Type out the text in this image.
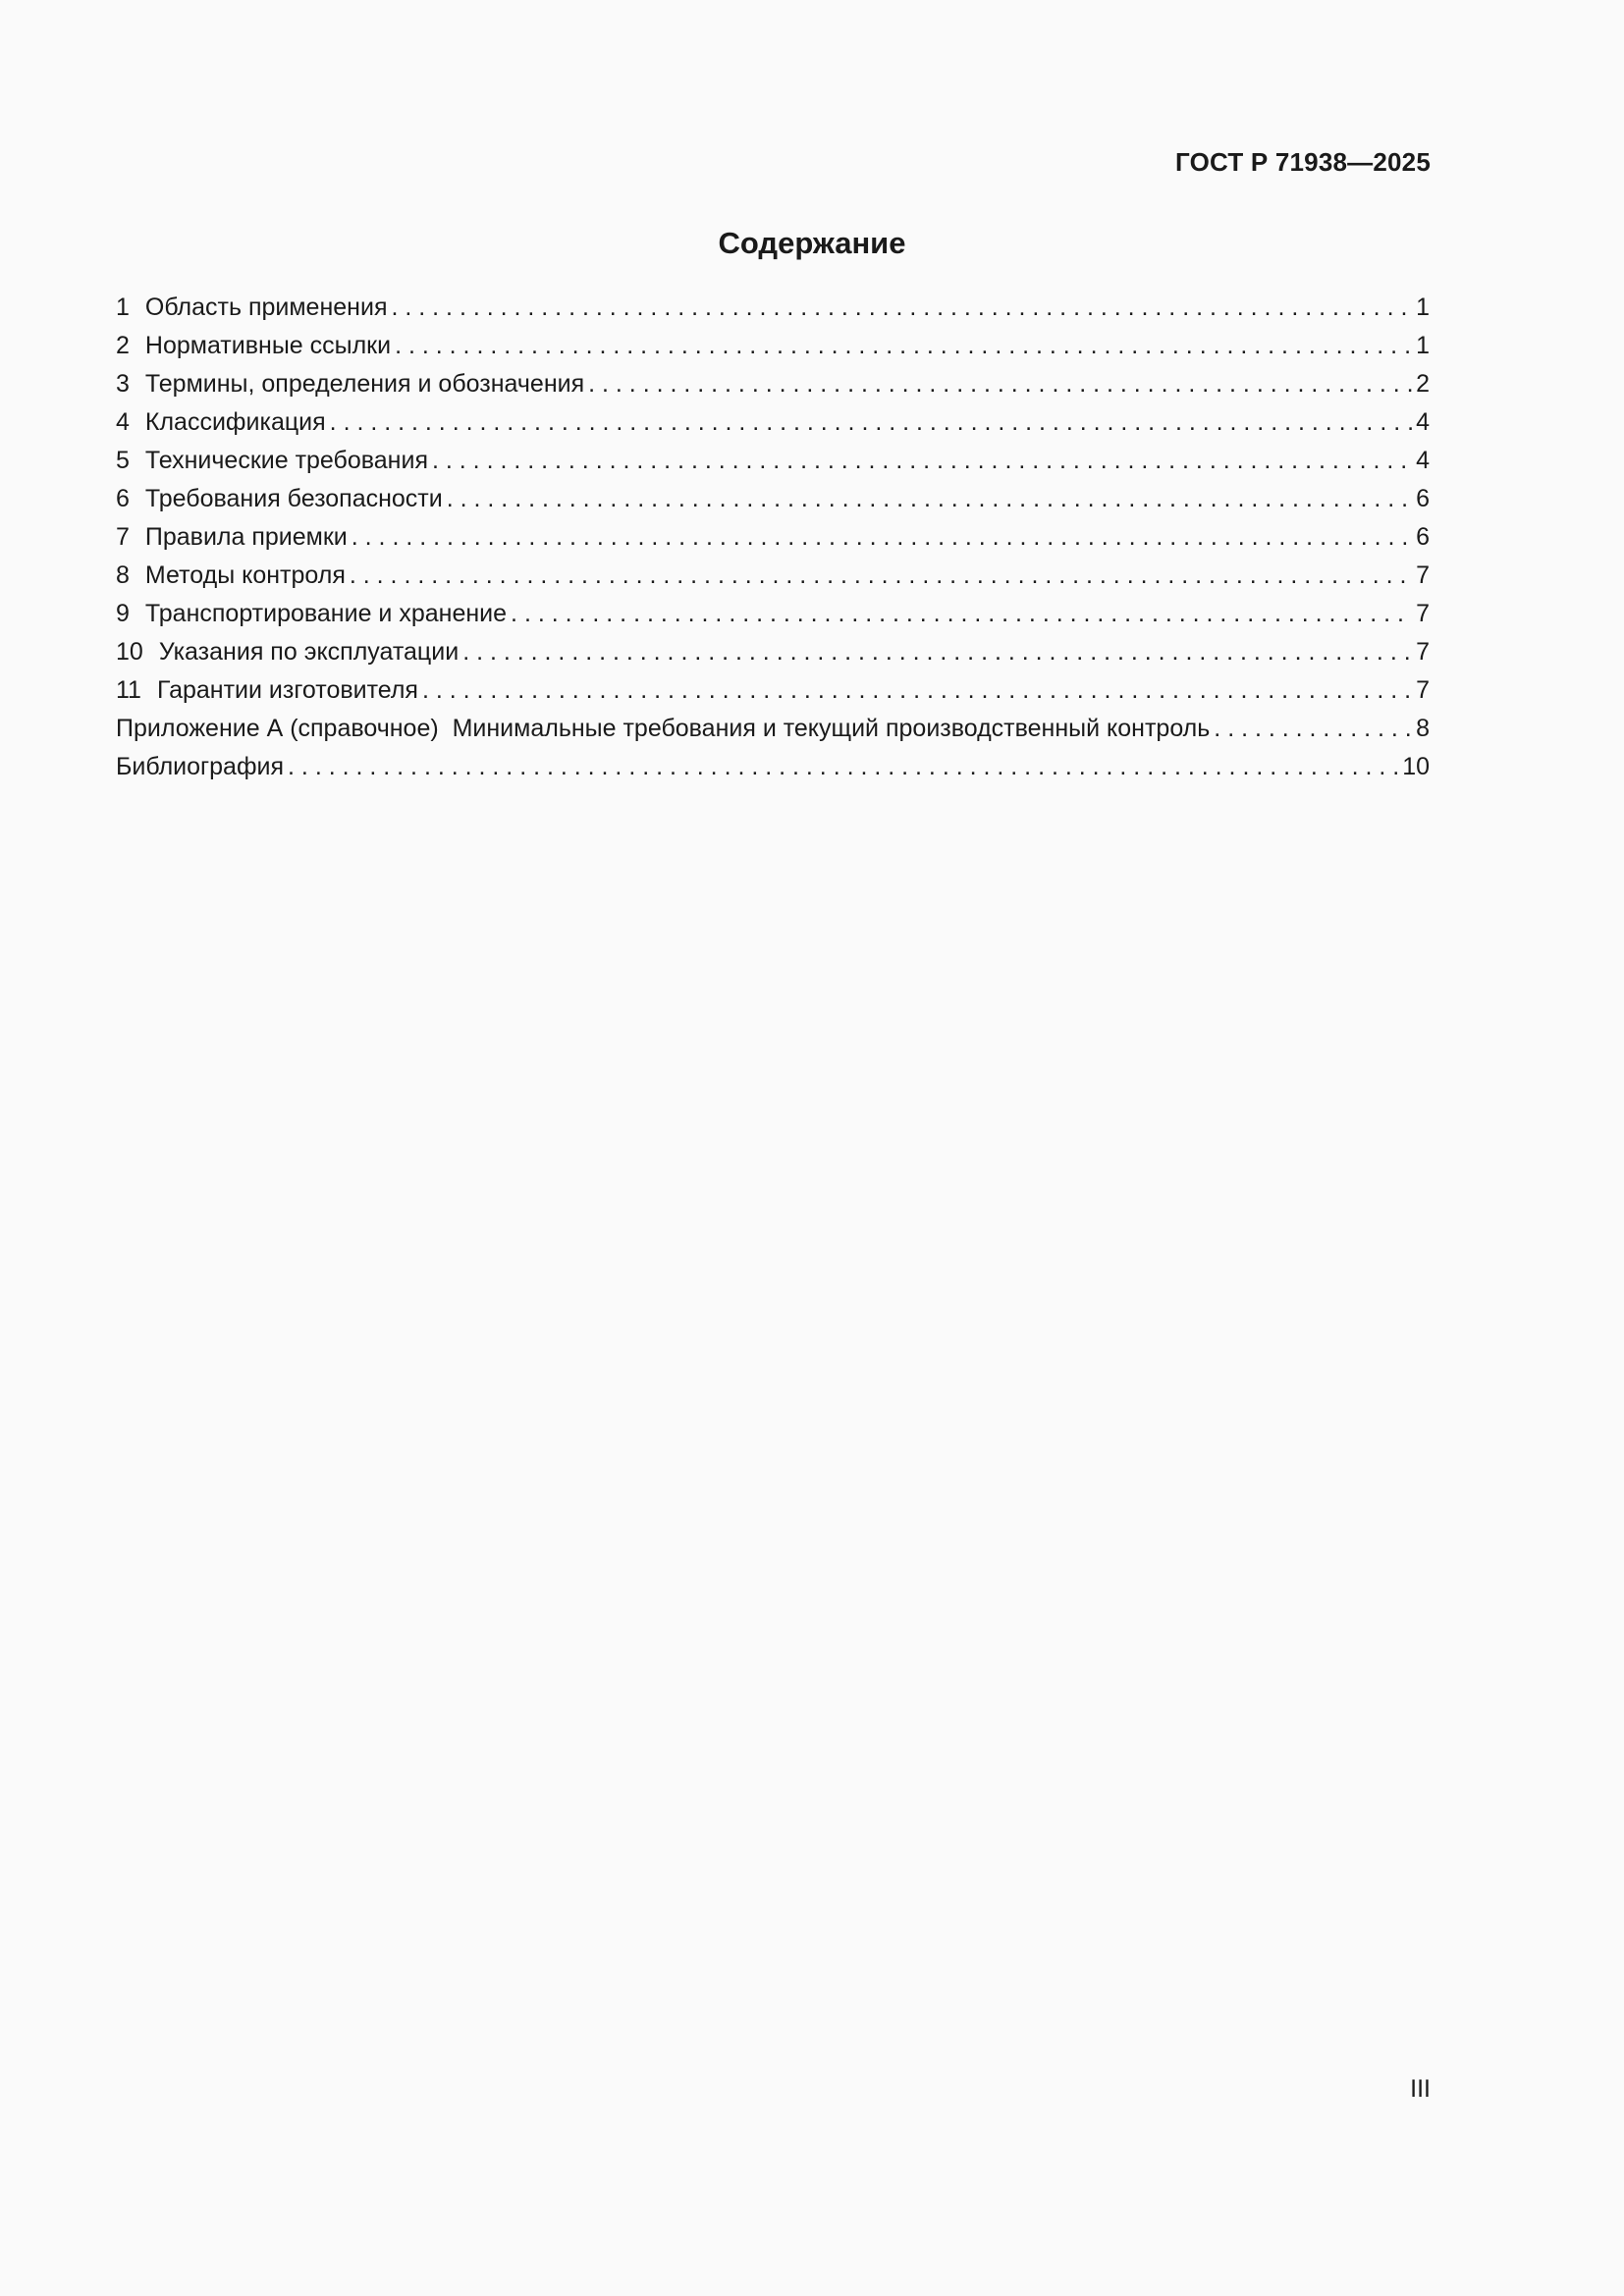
ГОСТ Р 71938—2025
Содержание
1 Область применения . . .	1
2 Нормативные ссылки . . .	1
3 Термины, определения и обозначения . . .	2
4 Классификация . . .	4
5 Технические требования . . .	4
6 Требования безопасности . . .	6
7 Правила приемки . . .	6
8 Методы контроля . . .	7
9 Транспортирование и хранение . . .	7
10 Указания по эксплуатации . . .	7
11 Гарантии изготовителя . . .	7
Приложение А (справочное)  Минимальные требования и текущий производственный контроль . . .	8
Библиография . . .	10
III
